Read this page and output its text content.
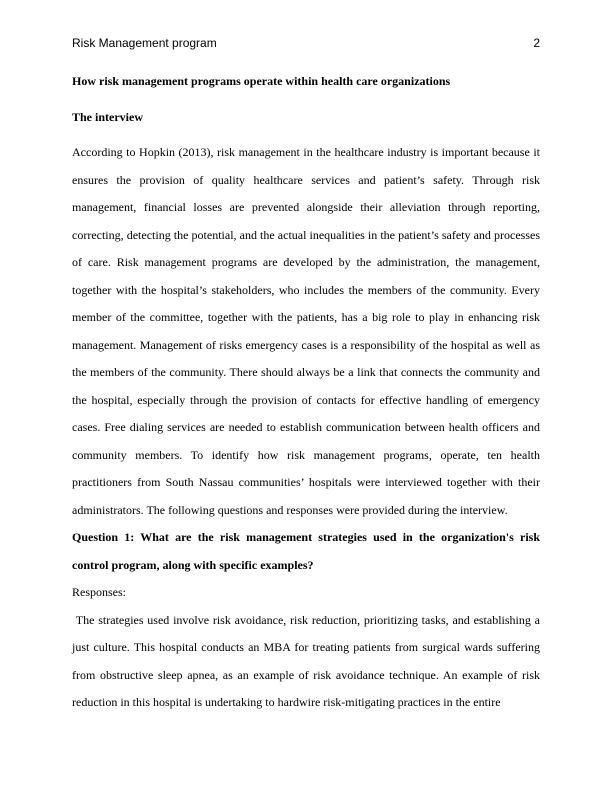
Risk Management program	2

How risk management programs operate within health care organizations

The interview

According to Hopkin (2013), risk management in the healthcare industry is important because it ensures the provision of quality healthcare services and patient’s safety. Through risk management, financial losses are prevented alongside their alleviation through reporting, correcting, detecting the potential, and the actual inequalities in the patient’s safety and processes of care. Risk management programs are developed by the administration, the management, together with the hospital’s stakeholders, who includes the members of the community. Every member of the committee, together with the patients, has a big role to play in enhancing risk management. Management of risks emergency cases is a responsibility of the hospital as well as the members of the community. There should always be a link that connects the community and the hospital, especially through the provision of contacts for effective handling of emergency cases. Free dialing services are needed to establish communication between health officers and community members. To identify how risk management programs, operate, ten health practitioners from South Nassau communities’ hospitals were interviewed together with their administrators. The following questions and responses were provided during the interview.

Question 1: What are the risk management strategies used in the organization's risk control program, along with specific examples?

Responses:

The strategies used involve risk avoidance, risk reduction, prioritizing tasks, and establishing a just culture. This hospital conducts an MBA for treating patients from surgical wards suffering from obstructive sleep apnea, as an example of risk avoidance technique. An example of risk reduction in this hospital is undertaking to hardwire risk-mitigating practices in the entire
